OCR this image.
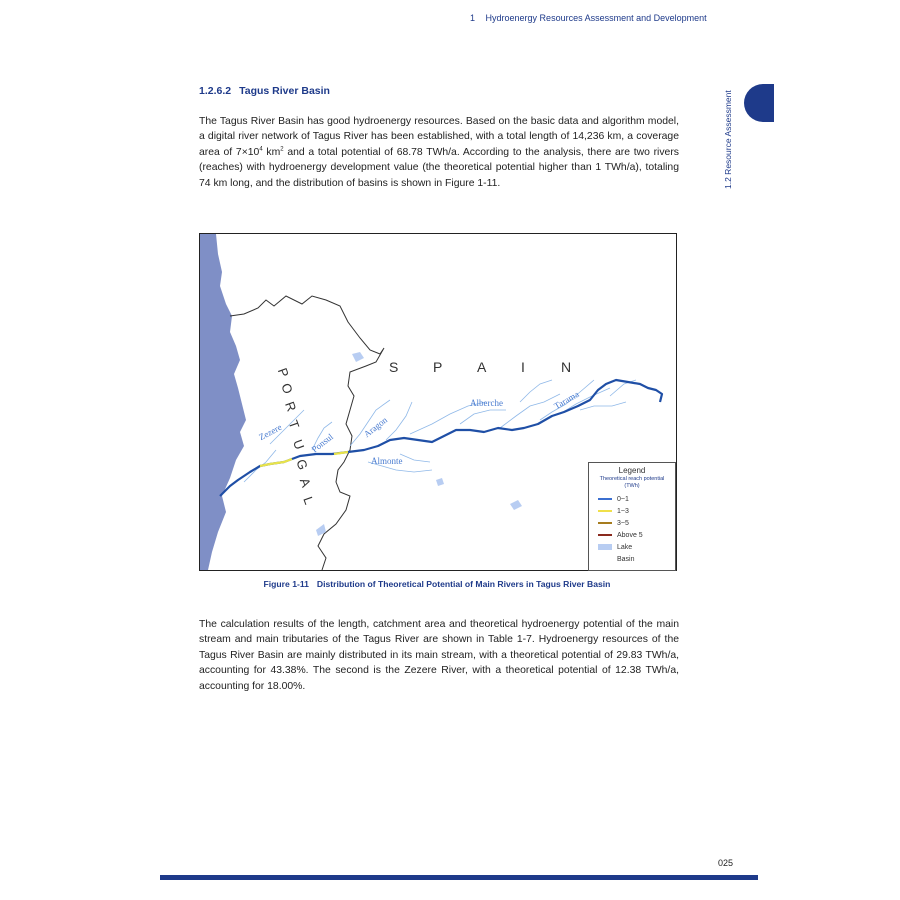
1 Hydroenergy Resources Assessment and Development
1.2 Resource Assessment
1.2.6.2 Tagus River Basin
The Tagus River Basin has good hydroenergy resources. Based on the basic data and algorithm model, a digital river network of Tagus River has been established, with a total length of 14,236 km, a coverage area of $7\times 10^4$ $km^2$ and a total potential of 68.78 TWh/a. According to the analysis, there are two rivers (reaches) with hydroenergy development value (the theoretical potential higher than 1 TWh/a), totaling 74 km long, and the distribution of basins is shown in Figure 1-11.
S P A I	N
P
O
R
T
U
G
A
L
Zezere	Ponsul
Aragon
Alberche	Tarama
Almonte
Legend
Theoretical reach potential
(TWh)
0~1
1~3
3~5
Above 5
Lake
Basin
Figure 1-11 Distribution of Theoretical Potential of Main Rivers in Tagus River Basin
The calculation results of the length, catchment area and theoretical hydroenergy potential of the main stream and main tributaries of the Tagus River are shown in Table 1-7. Hydroenergy resources of the Tagus River Basin are mainly distributed in its main stream, with a theoretical potential of 29.83 TWh/a, accounting for 43.38%. The second is the Zezere River, with a theoretical potential of 12.38 TWh/a, accounting for 18.00%.
025
